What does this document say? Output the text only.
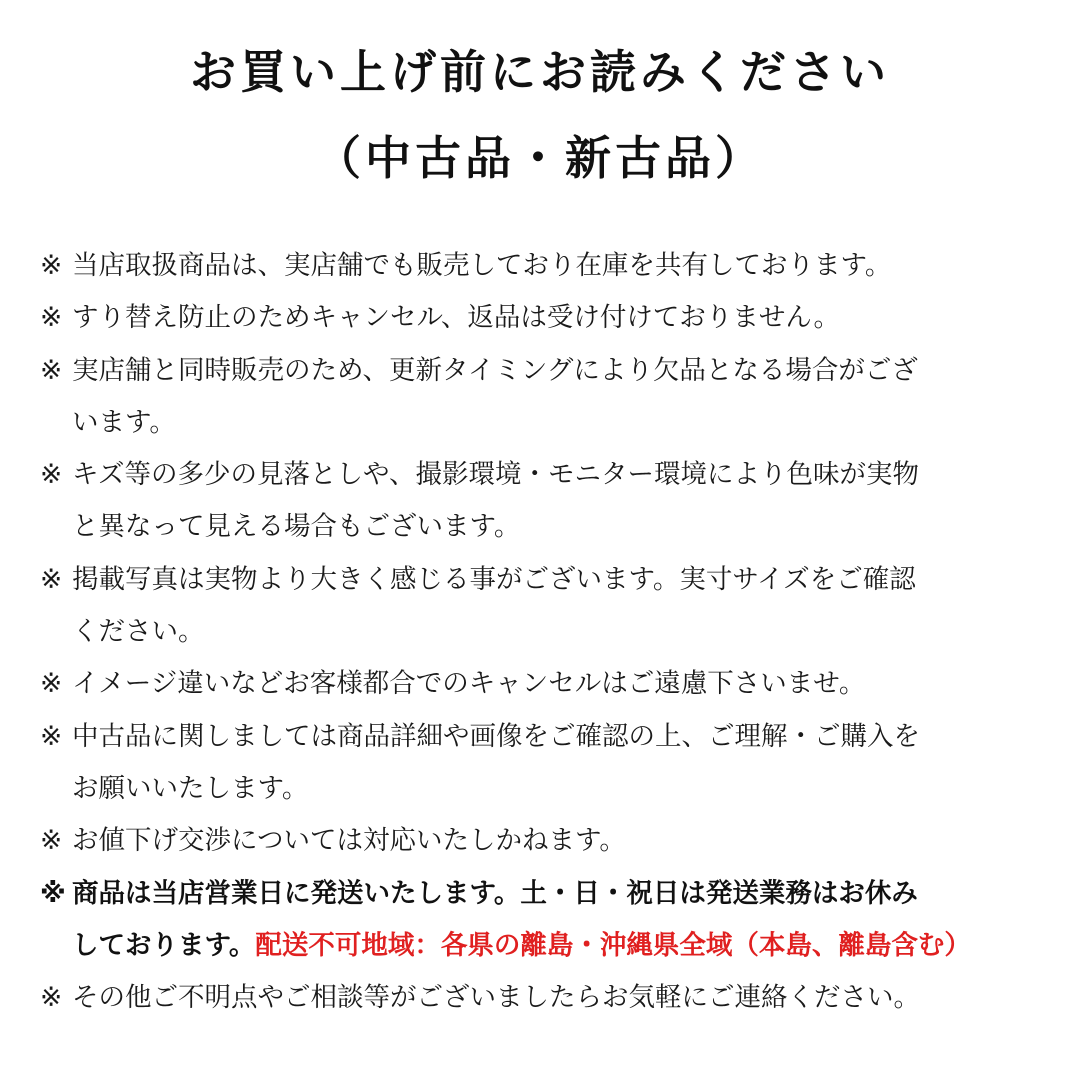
お買い上げ前にお読みください
（中古品・新古品）
※ 当店取扱商品は、実店舗でも販売しており在庫を共有しております。
※ すり替え防止のためキャンセル、返品は受け付けておりません。
※ 実店舗と同時販売のため、更新タイミングにより欠品となる場合がござ
います。
※ キズ等の多少の見落としや、撮影環境・モニター環境により色味が実物
と異なって見える場合もございます。
※ 掲載写真は実物より大きく感じる事がございます。実寸サイズをご確認
ください。
※ イメージ違いなどお客様都合でのキャンセルはご遠慮下さいませ。
※ 中古品に関しましては商品詳細や画像をご確認の上、ご理解・ご購入を
お願いいたします。
※ お値下げ交渉については対応いたしかねます。
※ 商品は当店営業日に発送いたします。土・日・祝日は発送業務はお休み
しております。配送不可地域：各県の離島・沖縄県全域（本島、離島含む）
※ その他ご不明点やご相談等がございましたらお気軽にご連絡ください。
